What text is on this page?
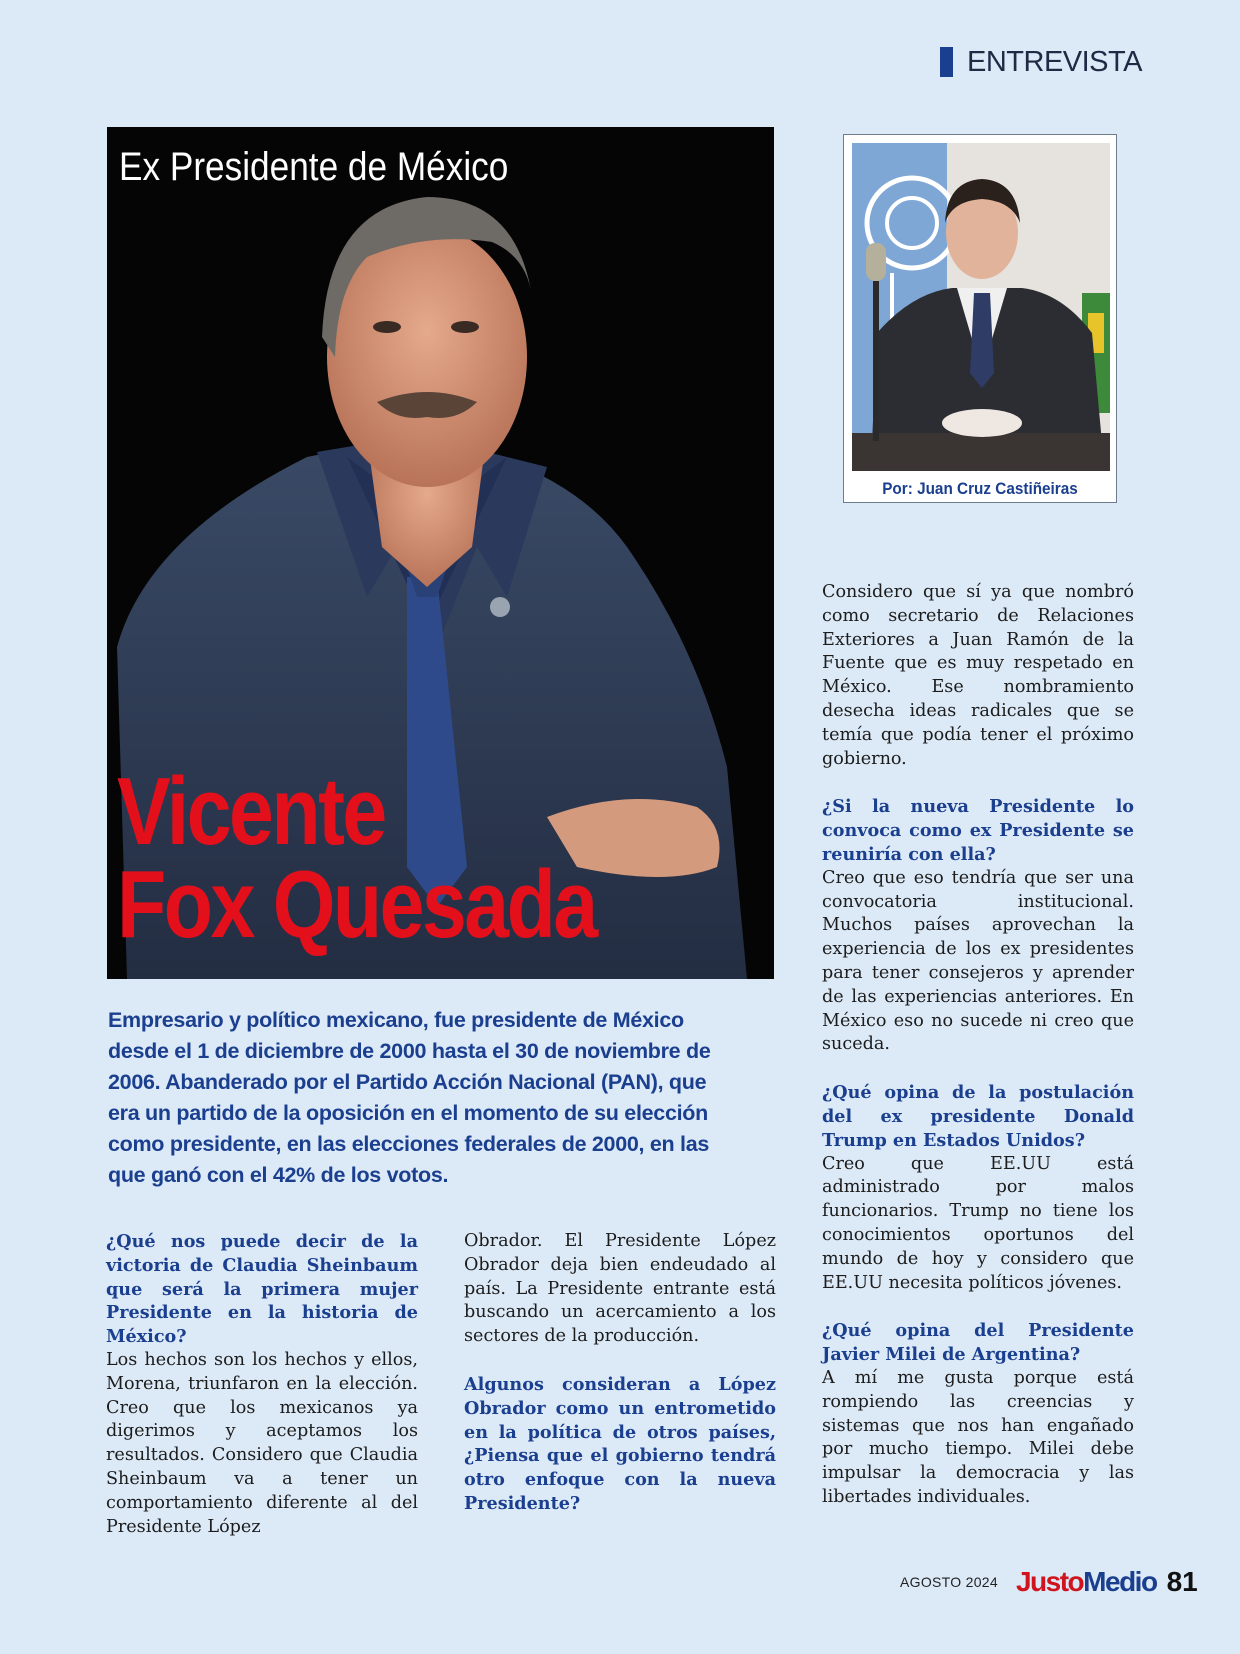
ENTREVISTA
Ex Presidente de México
Vicente
Fox Quesada
Por: Juan Cruz Castiñeiras

Empresario y político mexicano, fue presidente de México desde el 1 de diciembre de 2000 hasta el 30 de noviembre de 2006. Abanderado por el Partido Acción Nacional (PAN), que era un partido de la oposición en el momento de su elección como presidente, en las elecciones federales de 2000, en las que ganó con el 42% de los votos.

¿Qué nos puede decir de la victoria de Claudia Sheinbaum que será la primera mujer Presidente en la historia de México?

Los hechos son los hechos y ellos, Morena, triunfaron en la elección. Creo que los mexicanos ya digerimos y aceptamos los resultados. Considero que Claudia Sheinbaum va a tener un comportamiento diferente al del Presidente López

Obrador. El Presidente López Obrador deja bien endeudado al país. La Presidente entrante está buscando un acercamiento a los sectores de la producción.

Algunos consideran a López Obrador como un entrometido en la política de otros países, ¿Piensa que el gobierno tendrá otro enfoque con la nueva Presidente?

Considero que sí ya que nombró como secretario de Relaciones Exteriores a Juan Ramón de la Fuente que es muy respetado en México. Ese nombramiento desecha ideas radicales que se temía que podía tener el próximo gobierno.

¿Si la nueva Presidente lo convoca como ex Presidente se reuniría con ella?

Creo que eso tendría que ser una convocatoria institucional. Muchos países aprovechan la experiencia de los ex presidentes para tener consejeros y aprender de las experiencias anteriores. En México eso no sucede ni creo que suceda.

¿Qué opina de la postulación del ex presidente Donald Trump en Estados Unidos?

Creo que EE.UU está administrado por malos funcionarios. Trump no tiene los conocimientos oportunos del mundo de hoy y considero que EE.UU necesita políticos jóvenes.

¿Qué opina del Presidente Javier Milei de Argentina?

A mí me gusta porque está rompiendo las creencias y sistemas que nos han engañado por mucho tiempo. Milei debe impulsar la democracia y las libertades individuales.

AGOSTO 2024 JustoMedio 81
